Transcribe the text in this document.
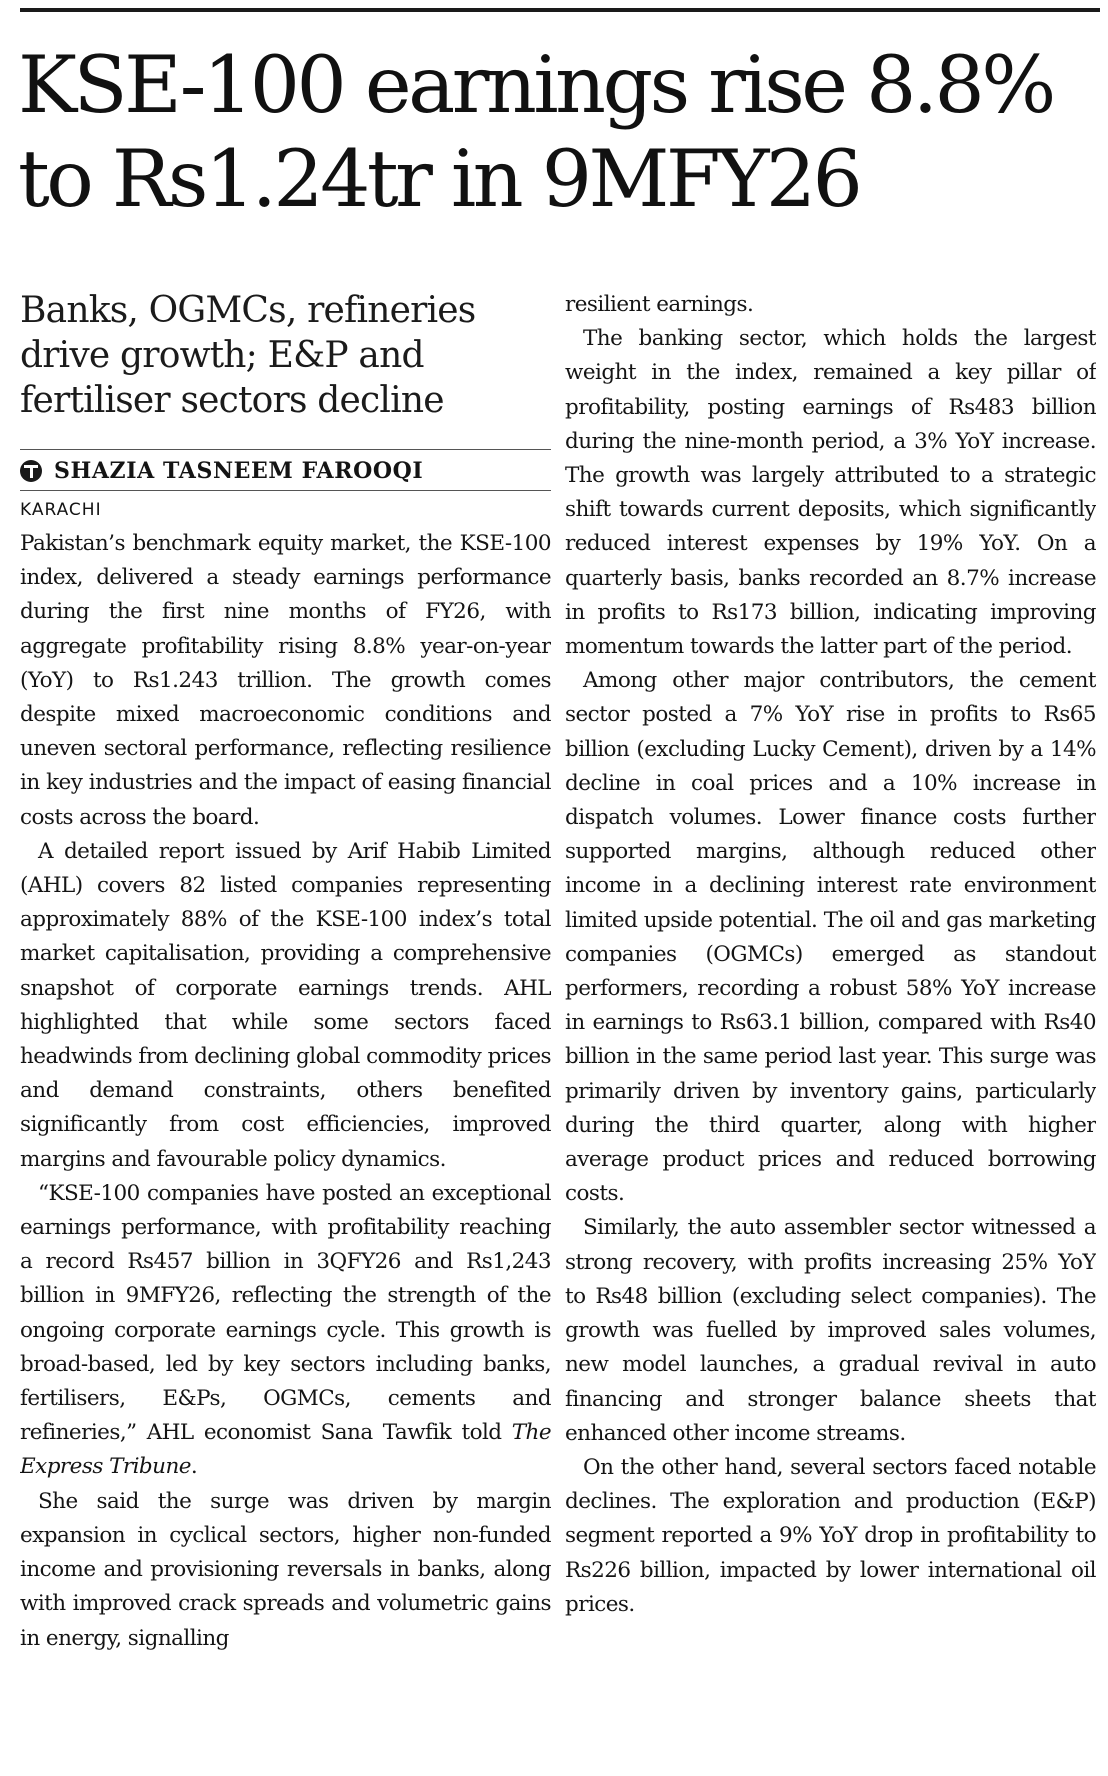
KSE-100 earnings rise 8.8%
to Rs1.24tr in 9MFY26
Banks, OGMCs, refineries drive growth; E&P and fertiliser sectors decline
SHAZIA TASNEEM FAROOQI
KARACHI

Pakistan’s benchmark equity market, the KSE-100 index, delivered a steady earnings performance during the first nine months of FY26, with aggregate profitability rising 8.8% year-on-year (YoY) to Rs1.243 trillion. The growth comes despite mixed macroeconomic conditions and uneven sectoral performance, reflecting resilience in key industries and the impact of easing financial costs across the board.

A detailed report issued by Arif Habib Limited (AHL) covers 82 listed companies representing approximately 88% of the KSE-100 index’s total market capitalisation, providing a comprehensive snapshot of corporate earnings trends. AHL highlighted that while some sectors faced headwinds from declining global commodity prices and demand constraints, others benefited significantly from cost efficiencies, improved margins and favourable policy dynamics.

“KSE-100 companies have posted an exceptional earnings performance, with profitability reaching a record Rs457 billion in 3QFY26 and Rs1,243 billion in 9MFY26, reflecting the strength of the ongoing corporate earnings cycle. This growth is broad-based, led by key sectors including banks, fertilisers, E&Ps, OGMCs, cements and refineries,” AHL economist Sana Tawfik told The Express Tribune.

She said the surge was driven by margin expansion in cyclical sectors, higher non-funded income and provisioning reversals in banks, along with improved crack spreads and volumetric gains in energy, signalling

resilient earnings.

The banking sector, which holds the largest weight in the index, remained a key pillar of profitability, posting earnings of Rs483 billion during the nine-month period, a 3% YoY increase. The growth was largely attributed to a strategic shift towards current deposits, which significantly reduced interest expenses by 19% YoY. On a quarterly basis, banks recorded an 8.7% increase in profits to Rs173 billion, indicating improving momentum towards the latter part of the period.

Among other major contributors, the cement sector posted a 7% YoY rise in profits to Rs65 billion (excluding Lucky Cement), driven by a 14% decline in coal prices and a 10% increase in dispatch volumes. Lower finance costs further supported margins, although reduced other income in a declining interest rate environment limited upside potential. The oil and gas marketing companies (OGMCs) emerged as standout performers, recording a robust 58% YoY increase in earnings to Rs63.1 billion, compared with Rs40 billion in the same period last year. This surge was primarily driven by inventory gains, particularly during the third quarter, along with higher average product prices and reduced borrowing costs.

Similarly, the auto assembler sector witnessed a strong recovery, with profits increasing 25% YoY to Rs48 billion (excluding select companies). The growth was fuelled by improved sales volumes, new model launches, a gradual revival in auto financing and stronger balance sheets that enhanced other income streams.

On the other hand, several sectors faced notable declines. The exploration and production (E&P) segment reported a 9% YoY drop in profitability to Rs226 billion, impacted by lower international oil prices.
